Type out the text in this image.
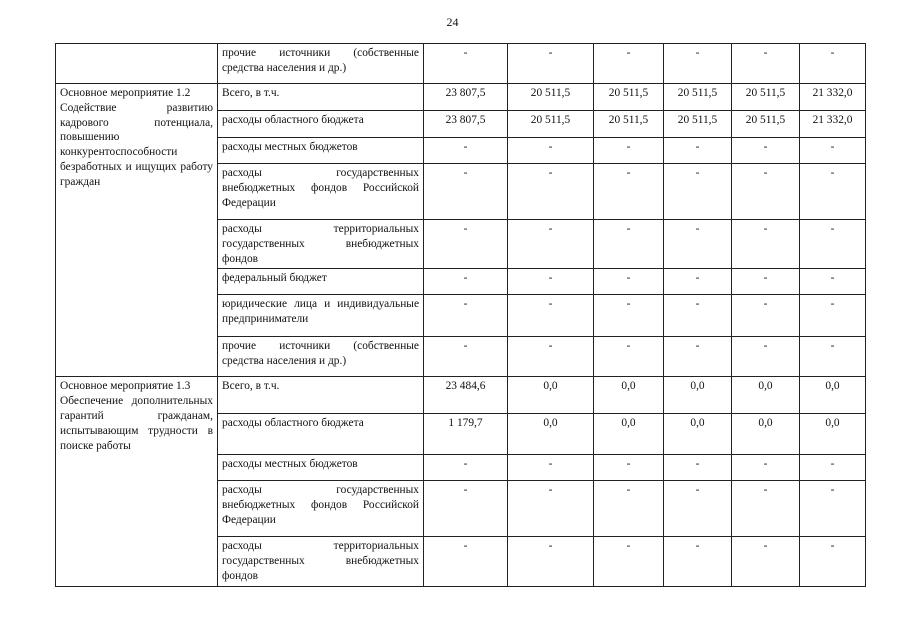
24
	прочие источники (собственные средства населения и др.)	-	-	-	-	-	-

Основное мероприятие 1.2
Содействие развитию кадрового потенциала, повышению конкурентоспособности безработных и ищущих работу граждан	Всего, в т.ч.	23 807,5	20 511,5	20 511,5	20 511,5	20 511,5	21 332,0
	расходы областного бюджета	23 807,5	20 511,5	20 511,5	20 511,5	20 511,5	21 332,0
	расходы местных бюджетов	-	-	-	-	-	-
	расходы государственных внебюджетных фондов Российской Федерации	-	-	-	-	-	-
	расходы территориальных государственных внебюджетных фондов	-	-	-	-	-	-
	федеральный бюджет	-	-	-	-	-	-
	юридические лица и индивидуальные предприниматели	-	-	-	-	-	-
	прочие источники (собственные средства населения и др.)	-	-	-	-	-	-

Основное мероприятие 1.3
Обеспечение дополнительных гарантий гражданам, испытывающим трудности в поиске работы	Всего, в т.ч.	23 484,6	0,0	0,0	0,0	0,0	0,0
	расходы областного бюджета	1 179,7	0,0	0,0	0,0	0,0	0,0
	расходы местных бюджетов	-	-	-	-	-	-
	расходы государственных внебюджетных фондов Российской Федерации	-	-	-	-	-	-
	расходы территориальных государственных внебюджетных фондов	-	-	-	-	-	-
